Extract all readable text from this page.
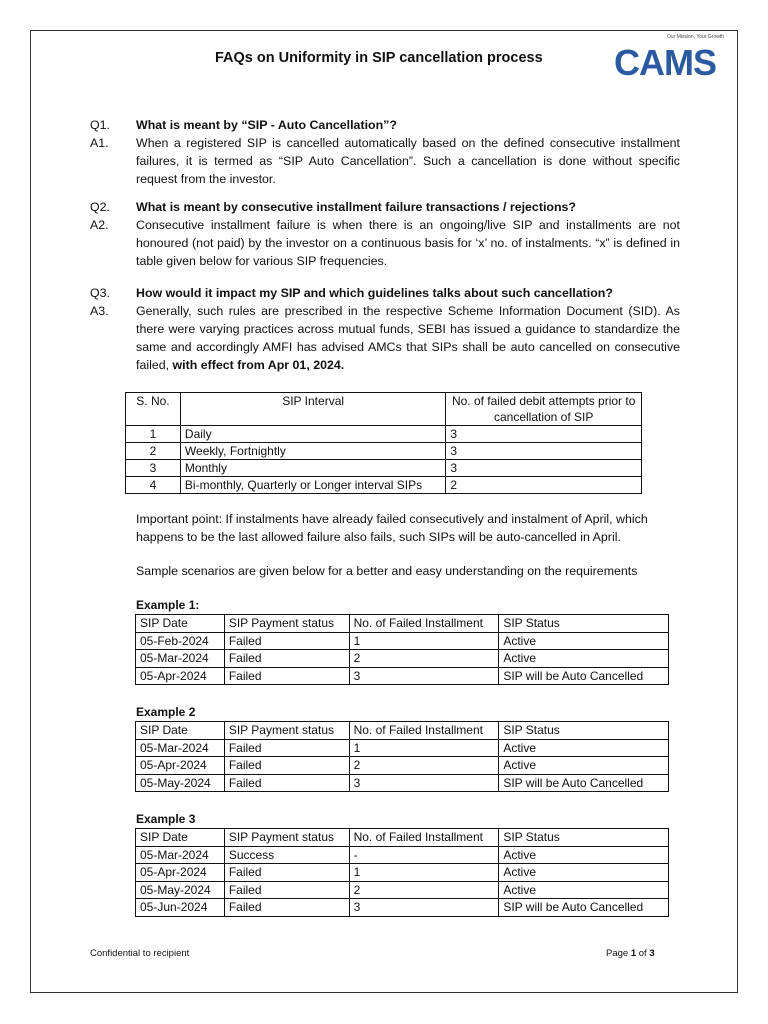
FAQs on Uniformity in SIP cancellation process
Our Mission, Your Growth
CAMS
Q1. What is meant by “SIP - Auto Cancellation”?
A1. When a registered SIP is cancelled automatically based on the defined consecutive installment failures, it is termed as “SIP Auto Cancellation”. Such a cancellation is done without specific request from the investor.
Q2. What is meant by consecutive installment failure transactions / rejections?
A2. Consecutive installment failure is when there is an ongoing/live SIP and installments are not honoured (not paid) by the investor on a continuous basis for ‘x’ no. of instalments. “x” is defined in table given below for various SIP frequencies.
Q3. How would it impact my SIP and which guidelines talks about such cancellation?
A3. Generally, such rules are prescribed in the respective Scheme Information Document (SID). As there were varying practices across mutual funds, SEBI has issued a guidance to standardize the same and accordingly AMFI has advised AMCs that SIPs shall be auto cancelled on consecutive failed, with effect from Apr 01, 2024.
S. No.	SIP Interval	No. of failed debit attempts prior to cancellation of SIP
1	Daily	3
2	Weekly, Fortnightly	3
3	Monthly	3
4	Bi-monthly, Quarterly or Longer interval SIPs	2
Important point: If instalments have already failed consecutively and instalment of April, which happens to be the last allowed failure also fails, such SIPs will be auto-cancelled in April.
Sample scenarios are given below for a better and easy understanding on the requirements
Example 1:
SIP Date	SIP Payment status	No. of Failed Installment	SIP Status
05-Feb-2024	Failed	1	Active
05-Mar-2024	Failed	2	Active
05-Apr-2024	Failed	3	SIP will be Auto Cancelled
Example 2
SIP Date	SIP Payment status	No. of Failed Installment	SIP Status
05-Mar-2024	Failed	1	Active
05-Apr-2024	Failed	2	Active
05-May-2024	Failed	3	SIP will be Auto Cancelled
Example 3
SIP Date	SIP Payment status	No. of Failed Installment	SIP Status
05-Mar-2024	Success	-	Active
05-Apr-2024	Failed	1	Active
05-May-2024	Failed	2	Active
05-Jun-2024	Failed	3	SIP will be Auto Cancelled
Confidential to recipient	Page 1 of 3
